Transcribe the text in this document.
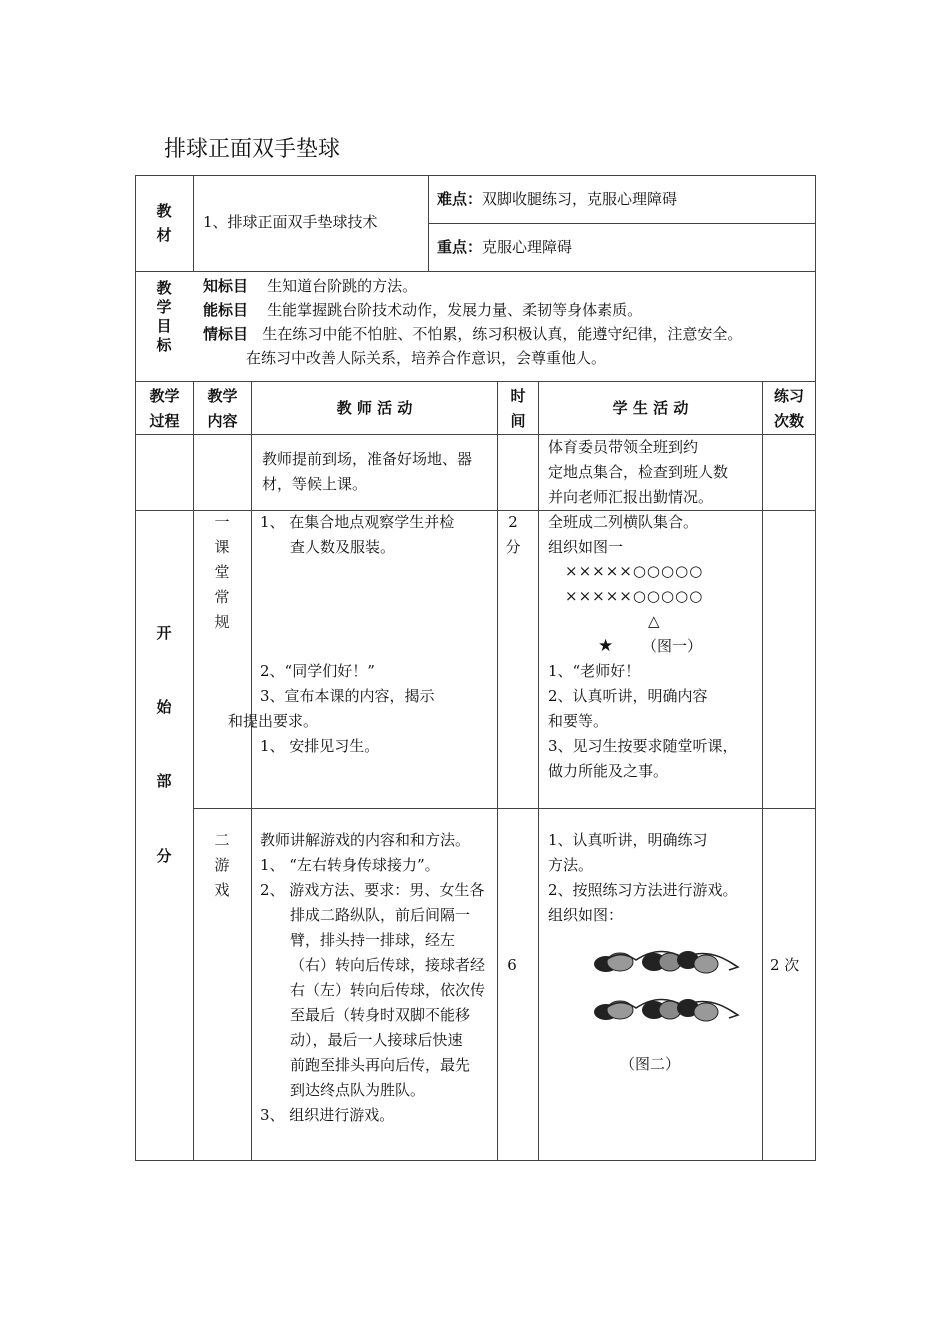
排球正面双手垫球
教
材
1、排球正面双手垫球技术
难点：双脚收腿练习，克服心理障碍
重点：克服心理障碍
教
学
目
标
知标目 生知道台阶跳的方法。
能标目 生能掌握跳台阶技术动作，发展力量、柔韧等身体素质。
情标目 生在练习中能不怕脏、不怕累，练习积极认真，能遵守纪律，注意安全。
在练习中改善人际关系，培养合作意识，会尊重他人。
教学
过程
教学
内容
教 师 活 动
时
间
学 生 活 动
练习
次数
教师提前到场，准备好场地、器
材，等候上课。
体育委员带领全班到约
定地点集合，检查到班人数
并向老师汇报出勤情况。
开
始
部
分
一
课
堂
常
规
1、 在集合地点观察学生并检
查人数及服装。
2
分
全班成二列横队集合。
组织如图一
×××××○○○○○
×××××○○○○○
△
★ （图一）
2、“同学们好！”
3、宣布本课的内容，揭示
和提出要求。
1、 安排见习生。
1、“老师好！
2、认真听讲，明确内容
和要等。
3、见习生按要求随堂听课，
做力所能及之事。
二
游
戏
教师讲解游戏的内容和和方法。
1、 “左右转身传球接力”。
2、 游戏方法、要求：男、女生各
排成二路纵队，前后间隔一
臂，排头持一排球，经左
（右）转向后传球，接球者经
右（左）转向后传球，依次传
至最后（转身时双脚不能移
动），最后一人接球后快速
前跑至排头再向后传，最先
到达终点队为胜队。
3、 组织进行游戏。
6
1、认真听讲，明确练习
方法。
2、按照练习方法进行游戏。
组织如图：
（图二）
2 次
